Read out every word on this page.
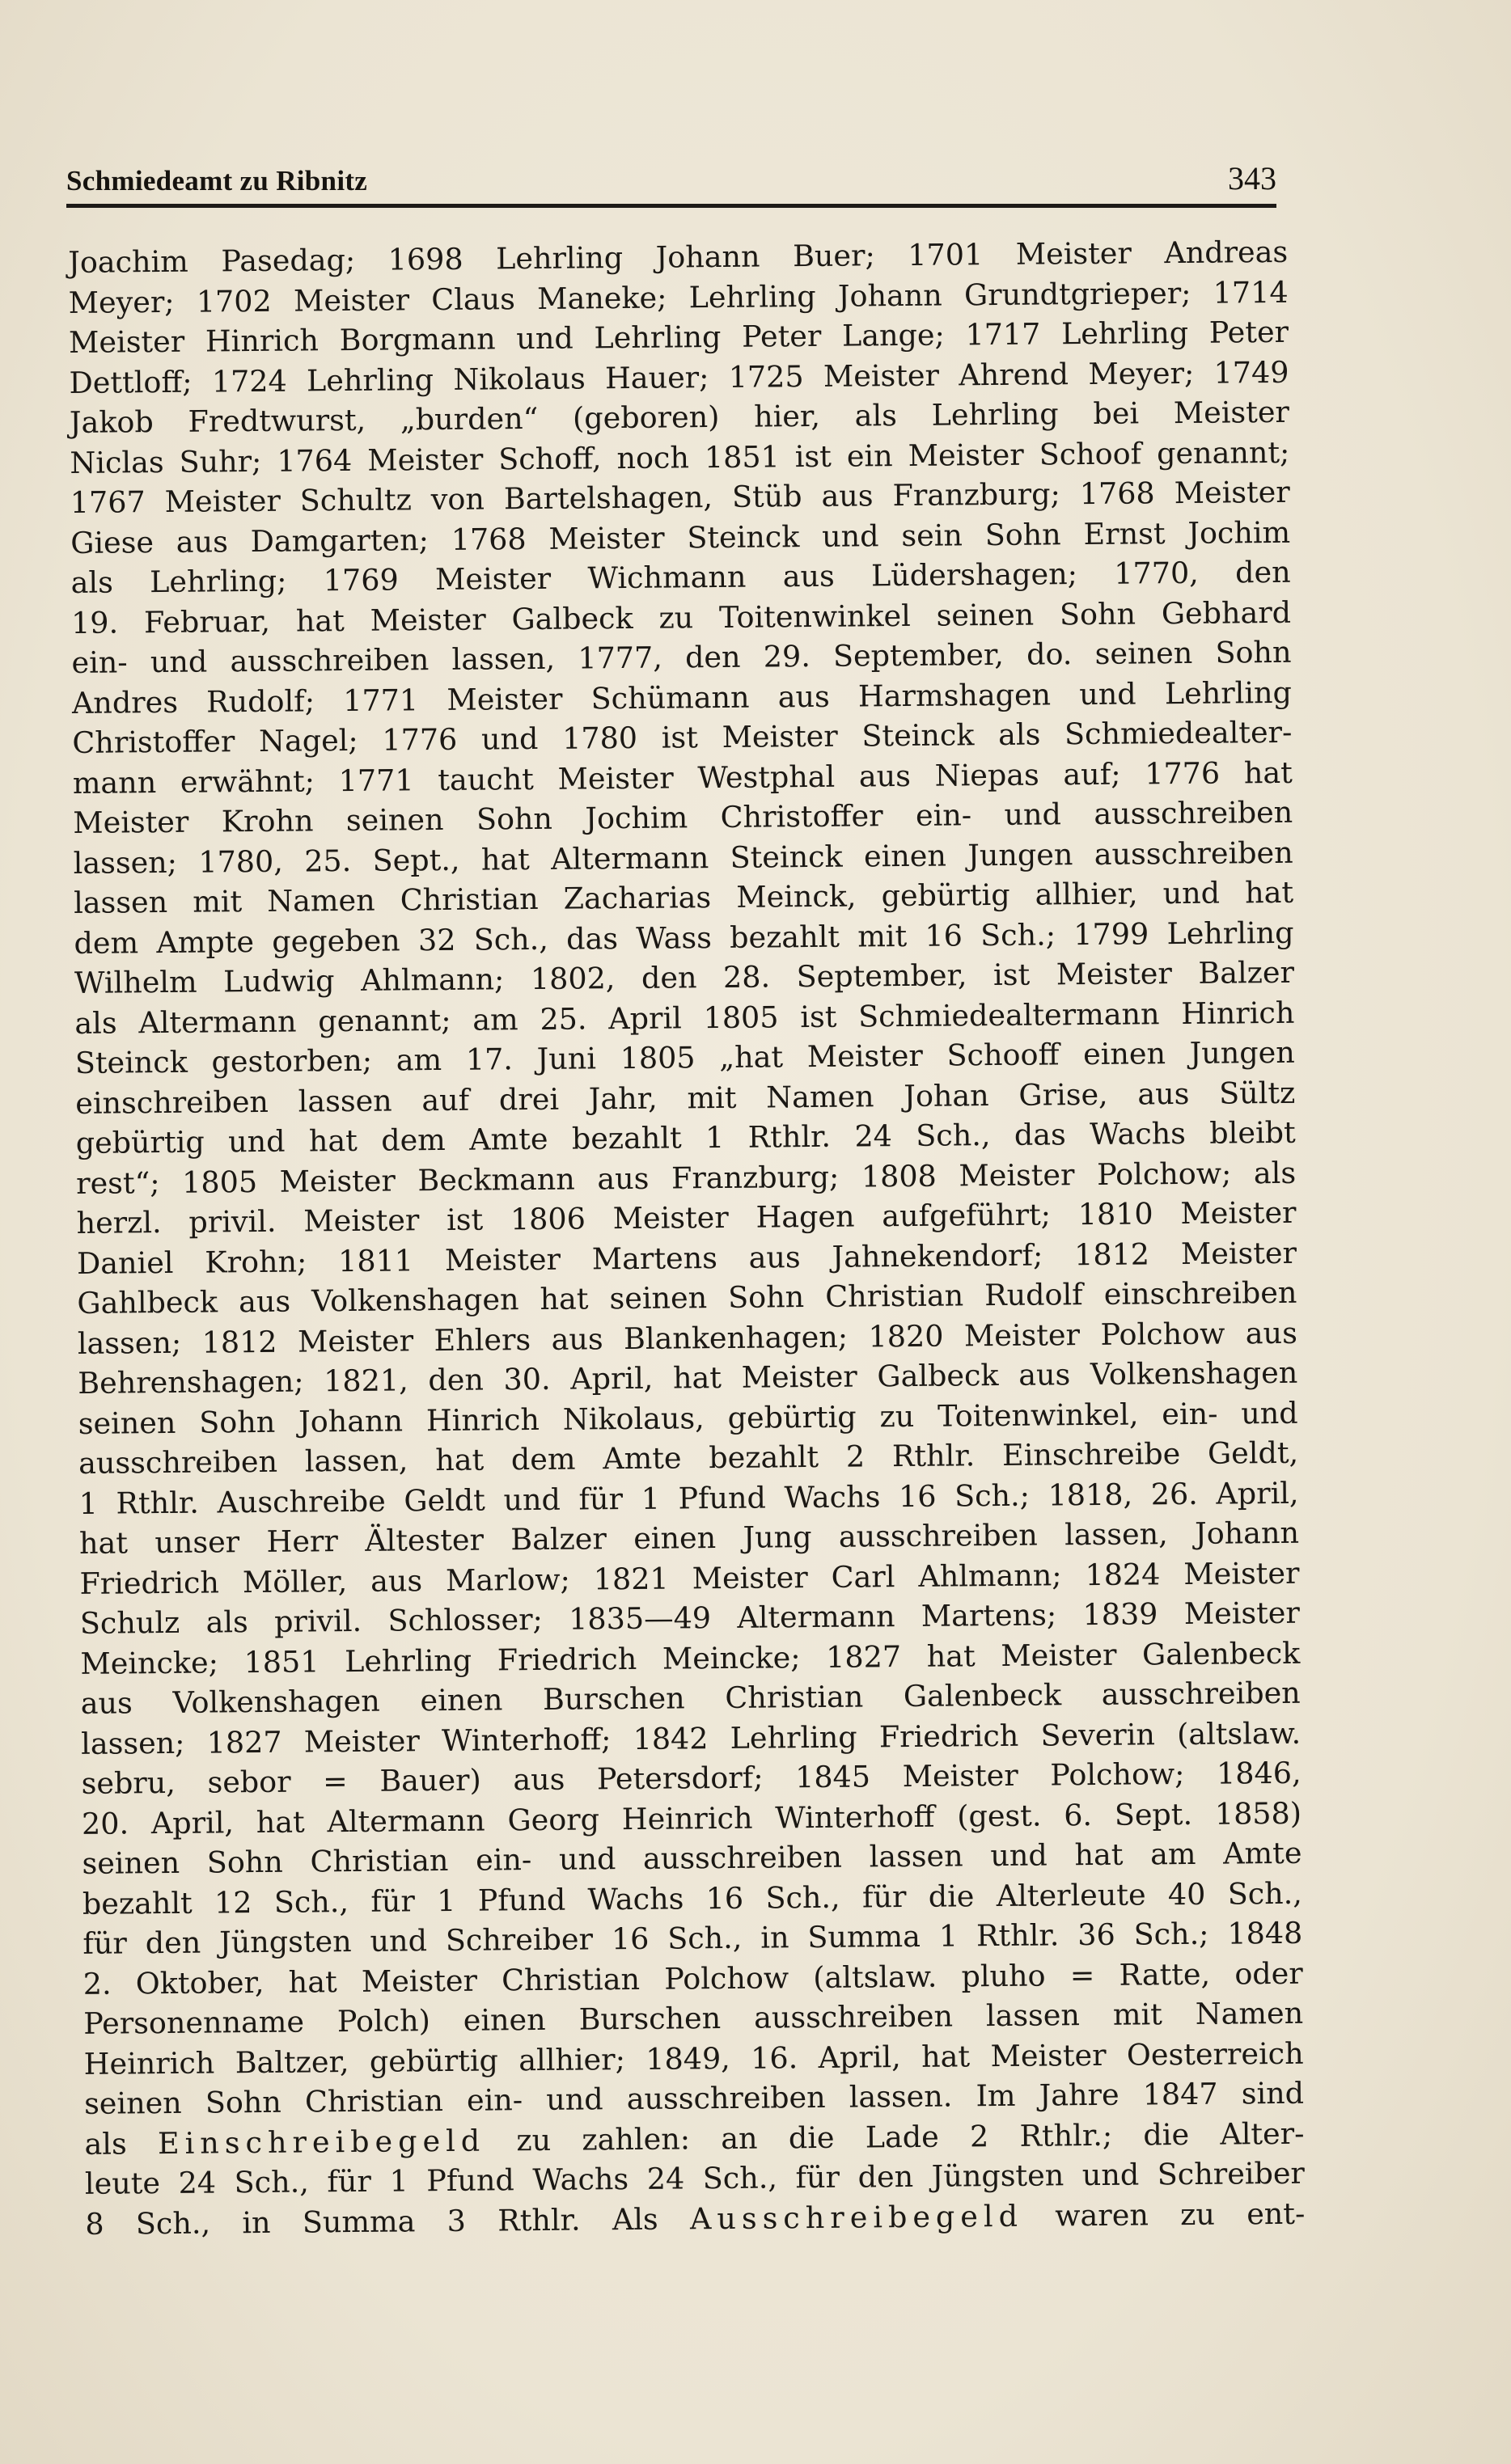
Schmiedeamt zu Ribnitz	343
Joachim Pasedag; 1698 Lehrling Johann Buer; 1701 Meister Andreas
Meyer; 1702 Meister Claus Maneke; Lehrling Johann Grundtgrieper; 1714
Meister Hinrich Borgmann und Lehrling Peter Lange; 1717 Lehrling Peter
Dettloff; 1724 Lehrling Nikolaus Hauer; 1725 Meister Ahrend Meyer; 1749
Jakob Fredtwurst, „burden“ (geboren) hier, als Lehrling bei Meister
Niclas Suhr; 1764 Meister Schoff, noch 1851 ist ein Meister Schoof genannt;
1767 Meister Schultz von Bartelshagen, Stüb aus Franzburg; 1768 Meister
Giese aus Damgarten; 1768 Meister Steinck und sein Sohn Ernst Jochim
als Lehrling; 1769 Meister Wichmann aus Lüdershagen; 1770, den
19. Februar, hat Meister Galbeck zu Toitenwinkel seinen Sohn Gebhard
ein- und ausschreiben lassen, 1777, den 29. September, do. seinen Sohn
Andres Rudolf; 1771 Meister Schümann aus Harmshagen und Lehrling
Christoffer Nagel; 1776 und 1780 ist Meister Steinck als Schmiedealter-
mann erwähnt; 1771 taucht Meister Westphal aus Niepas auf; 1776 hat
Meister Krohn seinen Sohn Jochim Christoffer ein- und ausschreiben
lassen; 1780, 25. Sept., hat Altermann Steinck einen Jungen ausschreiben
lassen mit Namen Christian Zacharias Meinck, gebürtig allhier, und hat
dem Ampte gegeben 32 Sch., das Wass bezahlt mit 16 Sch.; 1799 Lehrling
Wilhelm Ludwig Ahlmann; 1802, den 28. September, ist Meister Balzer
als Altermann genannt; am 25. April 1805 ist Schmiedealtermann Hinrich
Steinck gestorben; am 17. Juni 1805 „hat Meister Schooff einen Jungen
einschreiben lassen auf drei Jahr, mit Namen Johan Grise, aus Sültz
gebürtig und hat dem Amte bezahlt 1 Rthlr. 24 Sch., das Wachs bleibt
rest“; 1805 Meister Beckmann aus Franzburg; 1808 Meister Polchow; als
herzl. privil. Meister ist 1806 Meister Hagen aufgeführt; 1810 Meister
Daniel Krohn; 1811 Meister Martens aus Jahnekendorf; 1812 Meister
Gahlbeck aus Volkenshagen hat seinen Sohn Christian Rudolf einschreiben
lassen; 1812 Meister Ehlers aus Blankenhagen; 1820 Meister Polchow aus
Behrenshagen; 1821, den 30. April, hat Meister Galbeck aus Volkenshagen
seinen Sohn Johann Hinrich Nikolaus, gebürtig zu Toitenwinkel, ein- und
ausschreiben lassen, hat dem Amte bezahlt 2 Rthlr. Einschreibe Geldt,
1 Rthlr. Auschreibe Geldt und für 1 Pfund Wachs 16 Sch.; 1818, 26. April,
hat unser Herr Ältester Balzer einen Jung ausschreiben lassen, Johann
Friedrich Möller, aus Marlow; 1821 Meister Carl Ahlmann; 1824 Meister
Schulz als privil. Schlosser; 1835—49 Altermann Martens; 1839 Meister
Meincke; 1851 Lehrling Friedrich Meincke; 1827 hat Meister Galenbeck
aus Volkenshagen einen Burschen Christian Galenbeck ausschreiben
lassen; 1827 Meister Winterhoff; 1842 Lehrling Friedrich Severin (altslaw.
sebru, sebor = Bauer) aus Petersdorf; 1845 Meister Polchow; 1846,
20. April, hat Altermann Georg Heinrich Winterhoff (gest. 6. Sept. 1858)
seinen Sohn Christian ein- und ausschreiben lassen und hat am Amte
bezahlt 12 Sch., für 1 Pfund Wachs 16 Sch., für die Alterleute 40 Sch.,
für den Jüngsten und Schreiber 16 Sch., in Summa 1 Rthlr. 36 Sch.; 1848
2. Oktober, hat Meister Christian Polchow (altslaw. pluho = Ratte, oder
Personenname Polch) einen Burschen ausschreiben lassen mit Namen
Heinrich Baltzer, gebürtig allhier; 1849, 16. April, hat Meister Oesterreich
seinen Sohn Christian ein- und ausschreiben lassen. Im Jahre 1847 sind
als Einschreibegeld zu zahlen: an die Lade 2 Rthlr.; die Alter-
leute 24 Sch., für 1 Pfund Wachs 24 Sch., für den Jüngsten und Schreiber
8 Sch., in Summa 3 Rthlr. Als Ausschreibegeld waren zu ent-
